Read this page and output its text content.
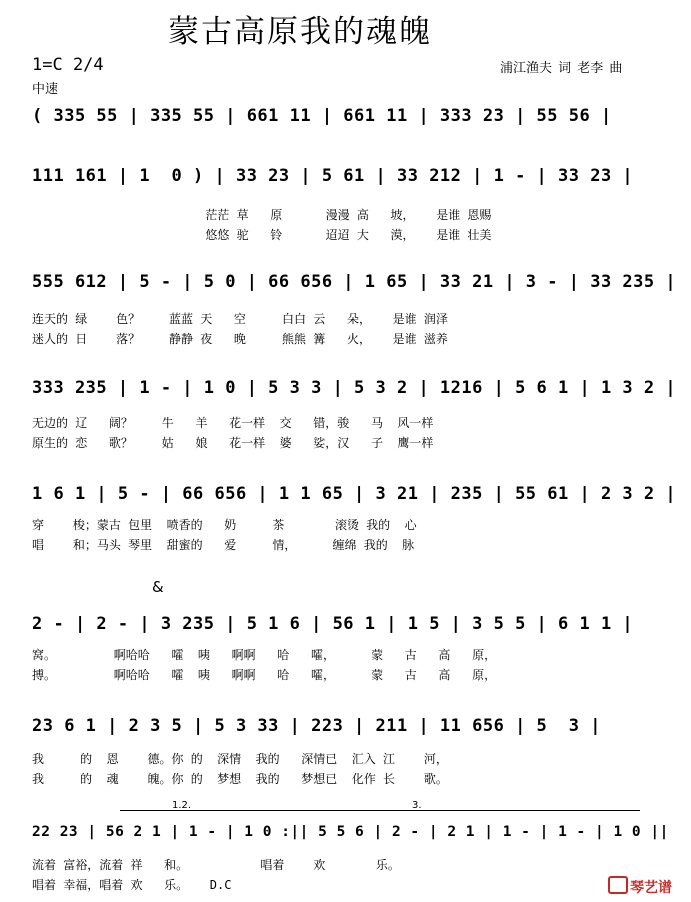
蒙古高原我的魂魄
1=C 2/4
中速
浦江渔夫 词 老李 曲
( 335 55 | 335 55 | 661 11 | 661 11 | 333 23 | 55 56 |
111 161 | 1  0 ) | 33 23 | 5 61 | 33 212 | 1 - | 33 23 |
茫茫 草   原      漫漫 高   坡，   是谁 恩赐
悠悠 驼   铃      迢迢 大   漠，   是谁 壮美
555 612 | 5 - | 5 0 | 66 656 | 1 65 | 33 21 | 3 - | 33 235 |
连天的 绿    色？    蓝蓝 天   空     白白 云   朵，   是谁 润泽
迷人的 日    落？    静静 夜   晚     熊熊 篝   火，   是谁 滋养
333 235 | 1 - | 1 0 | 5 3 3 | 5 3 2 | 1216 | 5 6 1 | 1 3 2 |
无边的 辽   阔？    牛   羊   花一样  交   错，骏   马  风一样
原生的 恋   歌？    姑   娘   花一样  婆   娑，汉   子  鹰一样
1 6 1 | 5 - | 66 656 | 1 1 65 | 3 21 | 235 | 55 61 | 2 3 2 |
穿    梭；蒙古 包里  喷香的   奶     茶       滚烫 我的  心
唱    和；马头 琴里  甜蜜的   爱     情，     缠绵 我的  脉
&
2 - | 2 - | 3 235 | 5 1 6 | 56 1 | 1 5 | 3 5 5 | 6 1 1 |
窝。        啊哈哈   嚯  咦   啊啊   哈   嚯，     蒙   古   高   原，
搏。        啊哈哈   嚯  咦   啊啊   哈   嚯，     蒙   古   高   原，
23 6 1 | 2 3 5 | 5 3 33 | 223 | 211 | 11 656 | 5  3 |
我     的  恩    德。你 的  深情  我的   深情已  汇入 江    河，
我     的  魂    魄。你 的  梦想  我的   梦想已  化作 长    歌。
1.2.	3.
22 23 | 56 2 1 | 1 - | 1 0 :|| 5 5 6 | 2 - | 2 1 | 1 - | 1 - | 1 0 ||
流着 富裕，流着 祥   和。          唱着    欢       乐。
唱着 幸福，唱着 欢   乐。   D.C	琴艺谱
